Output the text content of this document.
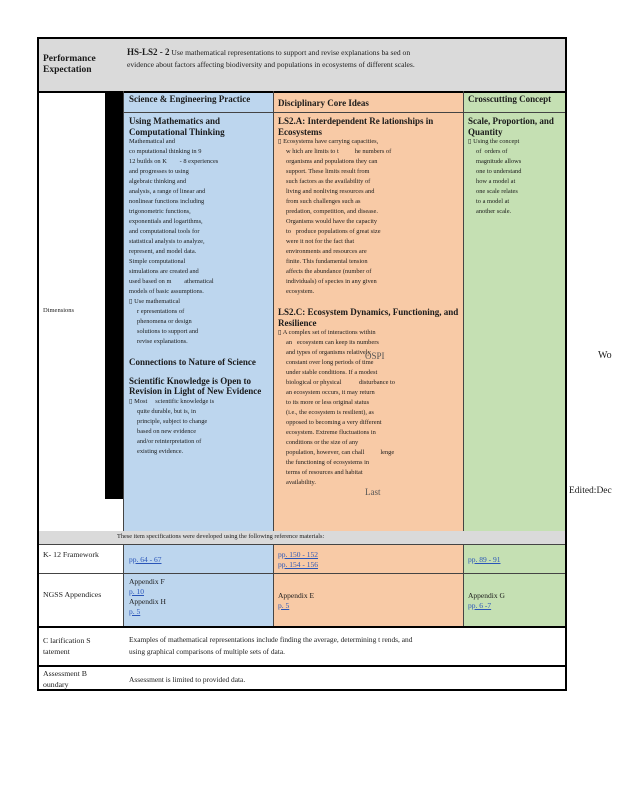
Performance Expectation
HS-LS2 - 2 Use mathematical representations to support and revise explanations ba sed on evidence about factors affecting biodiversity and populations in ecosystems of different scales.
Dimensions
Science & Engineering Practice	Disciplinary Core Ideas	Crosscutting Concept
Using Mathematics and Computational Thinking
Mathematical and
co mputational thinking in 9
12 builds on K        - 8 experiences
and progresses to using
algebraic thinking and
analysis, a range of linear and
nonlinear functions including
trigonometric functions,
exponentials and logarithms,
and computational tools for
statistical analysis to analyze,
represent, and model data.
Simple computational
simulations are created and
used based on m        athematical
models of basic assumptions.
▯ Use mathematical
r epresentations of
phenomena or design
solutions to support and
revise explanations.
Connections to Nature of Science
Scientific Knowledge is Open to Revision in Light of New Evidence
▯ Most     scientific knowledge is
quite durable, but is, in
principle, subject to change
based on new evidence
and/or reinterpretation of
existing evidence.
LS2.A: Interdependent Re lationships in Ecosystems
▯ Ecosystems have carrying capacities,
w hich are limits to t          he numbers of
organisms and populations they can
support. These limits result from
such factors as the availability of
living and nonliving resources and
from such challenges such as
predation, competition, and disease.
Organisms would have the capacity
to   produce populations of great size
were it not for the fact that
environments and resources are
finite. This fundamental tension
affects the abundance (number of
individuals) of species in any given
ecosystem.
LS2.C: Ecosystem Dynamics, Functioning, and Resilience
▯ A complex set of interactions within
an   ecosystem can keep its numbers
and types of organisms relatively
constant over long periods of time
under stable conditions. If a modest
biological or physical           disturbance to
an ecosystem occurs, it may return
to its more or less original status
(i.e., the ecosystem is resilient), as
opposed to becoming a very different
ecosystem. Extreme fluctuations in
conditions or the size of any
population, however, can chall          lenge
the functioning of ecosystems in
terms of resources and habitat
availability.
Scale, Proportion, and Quantity
▯ Using the concept
of  orders of
magnitude allows
one to understand
how a model at
one scale relates
to a model at
another scale.
OSPI
Last
These item specifications were developed using the following reference materials:
K- 12 Framework
pp. 64 - 67
pp. 150 - 152
pp. 154 - 156
pp. 89 - 91
NGSS Appendices
Appendix F
p. 10
Appendix H
p. 5
Appendix E
p. 5
Appendix G
pp. 6 -7
C larification S tatement
Examples of mathematical representations include finding the average, determining t rends, and using graphical comparisons of multiple sets of data.
Assessment B oundary
Assessment is limited to provided data.
Wo
Edited:Dec
